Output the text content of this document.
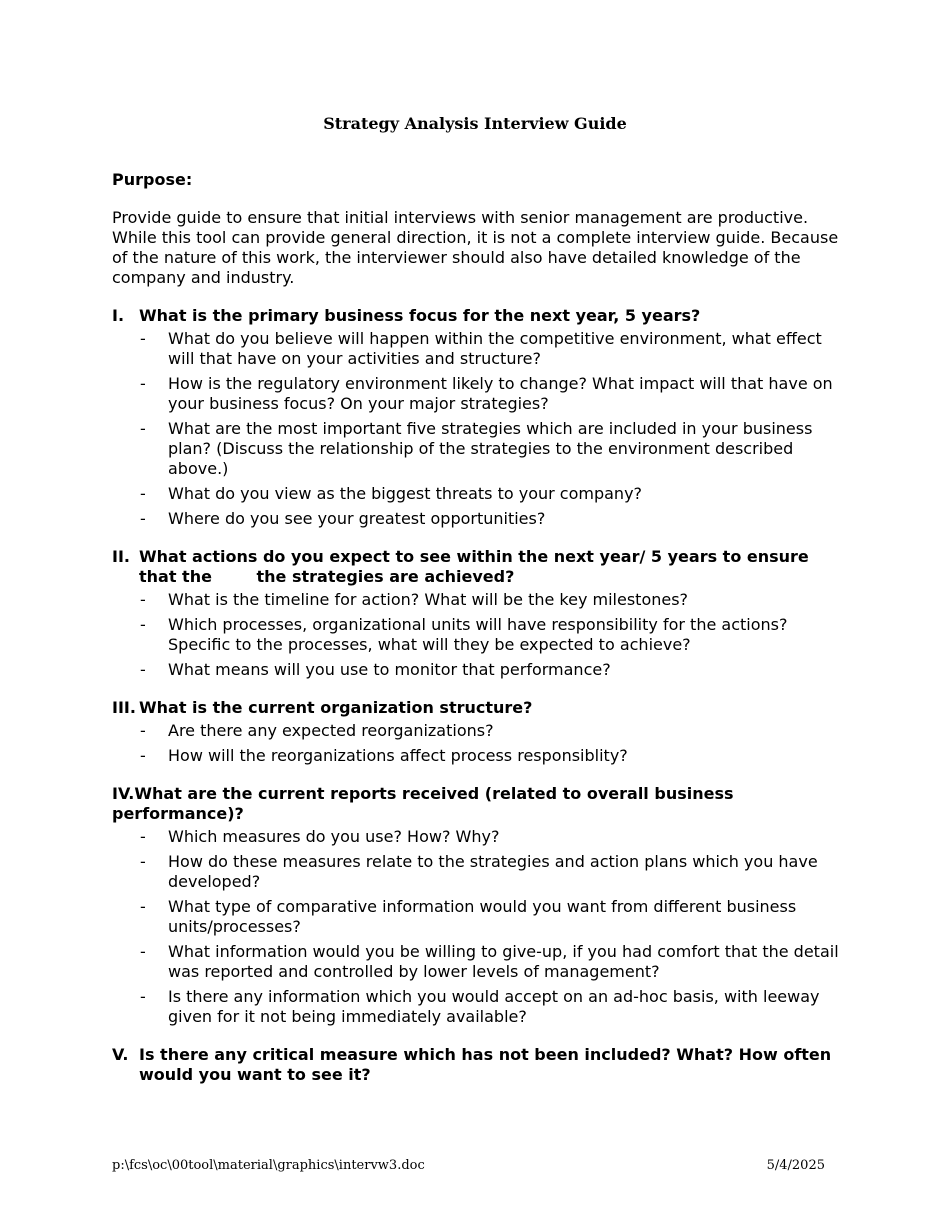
Strategy Analysis Interview Guide
Purpose:
Provide guide to ensure that initial interviews with senior management are productive. While this tool can provide general direction, it is not a complete interview guide. Because of the nature of this work, the interviewer should also have detailed knowledge of the company and industry.
I. What is the primary business focus for the next year, 5 years?
-	What do you believe will happen within the competitive environment, what effect will that have on your activities and structure?
-	How is the regulatory environment likely to change? What impact will that have on your business focus? On your major strategies?
-	What are the most important five strategies which are included in your business plan? (Discuss the relationship of the strategies to the environment described above.)
-	What do you view as the biggest threats to your company?
-	Where do you see your greatest opportunities?
II. What actions do you expect to see within the next year/ 5 years to ensure that the        the strategies are achieved?
-	What is the timeline for action? What will be the key milestones?
-	Which processes, organizational units will have responsibility for the actions? Specific to the processes, what will they be expected to achieve?
-	What means will you use to monitor that performance?
III. What is the current organization structure?
-	Are there any expected reorganizations?
-	How will the reorganizations affect process responsiblity?
IV.What are the current reports received (related to overall business performance)?
-	Which measures do you use? How? Why?
-	How do these measures relate to the strategies and action plans which you have developed?
-	What type of comparative information would you want from different business units/processes?
-	What information would you be willing to give-up, if you had comfort that the detail was reported and controlled by lower levels of management?
-	Is there any information which you would accept on an ad-hoc basis, with leeway given for it not being immediately available?
V. Is there any critical measure which has not been included? What? How often would you want to see it?
p:\fcs\oc\00tool\material\graphics\intervw3.doc	5/4/2025
